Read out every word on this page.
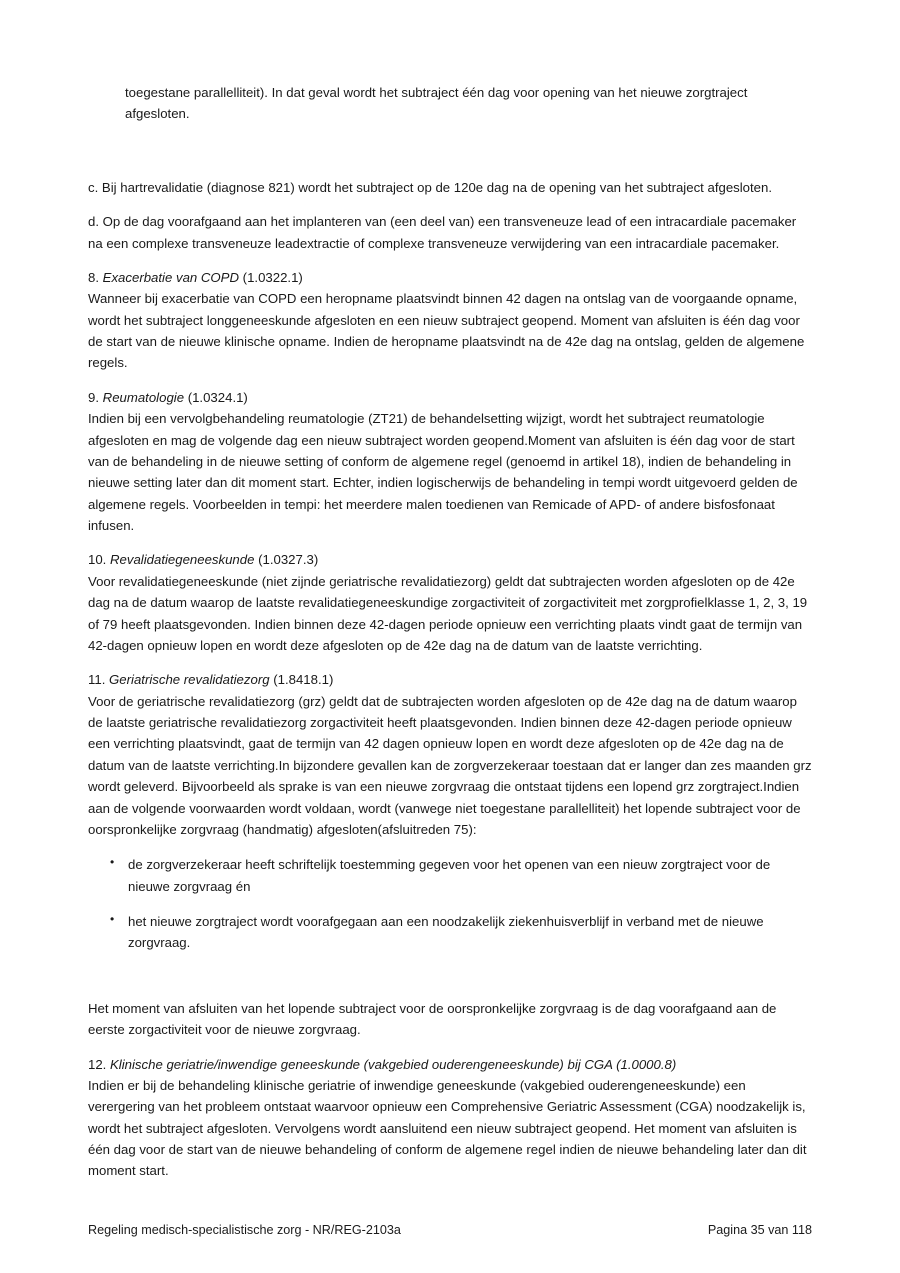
toegestane parallelliteit). In dat geval wordt het subtraject één dag voor opening van het nieuwe zorgtraject afgesloten.

c. Bij hartrevalidatie (diagnose 821) wordt het subtraject op de 120e dag na de opening van het subtraject afgesloten.

d. Op de dag voorafgaand aan het implanteren van (een deel van) een transveneuze lead of een intracardiale pacemaker na een complexe transveneuze leadextractie of complexe transveneuze verwijdering van een intracardiale pacemaker.

8. Exacerbatie van COPD (1.0322.1)

Wanneer bij exacerbatie van COPD een heropname plaatsvindt binnen 42 dagen na ontslag van de voorgaande opname, wordt het subtraject longgeneeskunde afgesloten en een nieuw subtraject geopend. Moment van afsluiten is één dag voor de start van de nieuwe klinische opname. Indien de heropname plaatsvindt na de 42e dag na ontslag, gelden de algemene regels.

9. Reumatologie (1.0324.1)

Indien bij een vervolgbehandeling reumatologie (ZT21) de behandelsetting wijzigt, wordt het subtraject reumatologie afgesloten en mag de volgende dag een nieuw subtraject worden geopend.Moment van afsluiten is één dag voor de start van de behandeling in de nieuwe setting of conform de algemene regel (genoemd in artikel 18), indien de behandeling in nieuwe setting later dan dit moment start. Echter, indien logischerwijs de behandeling in tempi wordt uitgevoerd gelden de algemene regels. Voorbeelden in tempi: het meerdere malen toedienen van Remicade of APD- of andere bisfosfonaat infusen.

10. Revalidatiegeneeskunde (1.0327.3)

Voor revalidatiegeneeskunde (niet zijnde geriatrische revalidatiezorg) geldt dat subtrajecten worden afgesloten op de 42e dag na de datum waarop de laatste revalidatiegeneeskundige zorgactiviteit of zorgactiviteit met zorgprofielklasse 1, 2, 3, 19 of 79 heeft plaatsgevonden. Indien binnen deze 42-dagen periode opnieuw een verrichting plaats vindt gaat de termijn van 42-dagen opnieuw lopen en wordt deze afgesloten op de 42e dag na de datum van de laatste verrichting.

11. Geriatrische revalidatiezorg (1.8418.1)

Voor de geriatrische revalidatiezorg (grz) geldt dat de subtrajecten worden afgesloten op de 42e dag na de datum waarop de laatste geriatrische revalidatiezorg zorgactiviteit heeft plaatsgevonden. Indien binnen deze 42-dagen periode opnieuw een verrichting plaatsvindt, gaat de termijn van 42 dagen opnieuw lopen en wordt deze afgesloten op de 42e dag na de datum van de laatste verrichting.In bijzondere gevallen kan de zorgverzekeraar toestaan dat er langer dan zes maanden grz wordt geleverd. Bijvoorbeeld als sprake is van een nieuwe zorgvraag die ontstaat tijdens een lopend grz zorgtraject.Indien aan de volgende voorwaarden wordt voldaan, wordt (vanwege niet toegestane parallelliteit) het lopende subtraject voor de oorspronkelijke zorgvraag (handmatig) afgesloten(afsluitreden 75):

• de zorgverzekeraar heeft schriftelijk toestemming gegeven voor het openen van een nieuw zorgtraject voor de nieuwe zorgvraag én
• het nieuwe zorgtraject wordt voorafgegaan aan een noodzakelijk ziekenhuisverblijf in verband met de nieuwe zorgvraag.

Het moment van afsluiten van het lopende subtraject voor de oorspronkelijke zorgvraag is de dag voorafgaand aan de eerste zorgactiviteit voor de nieuwe zorgvraag.

12. Klinische geriatrie/inwendige geneeskunde (vakgebied ouderengeneeskunde) bij CGA (1.0000.8)

Indien er bij de behandeling klinische geriatrie of inwendige geneeskunde (vakgebied ouderengeneeskunde) een verergering van het probleem ontstaat waarvoor opnieuw een Comprehensive Geriatric Assessment (CGA) noodzakelijk is, wordt het subtraject afgesloten. Vervolgens wordt aansluitend een nieuw subtraject geopend. Het moment van afsluiten is één dag voor de start van de nieuwe behandeling of conform de algemene regel indien de nieuwe behandeling later dan dit moment start.

Regeling medisch-specialistische zorg - NR/REG-2103a	Pagina 35 van 118
